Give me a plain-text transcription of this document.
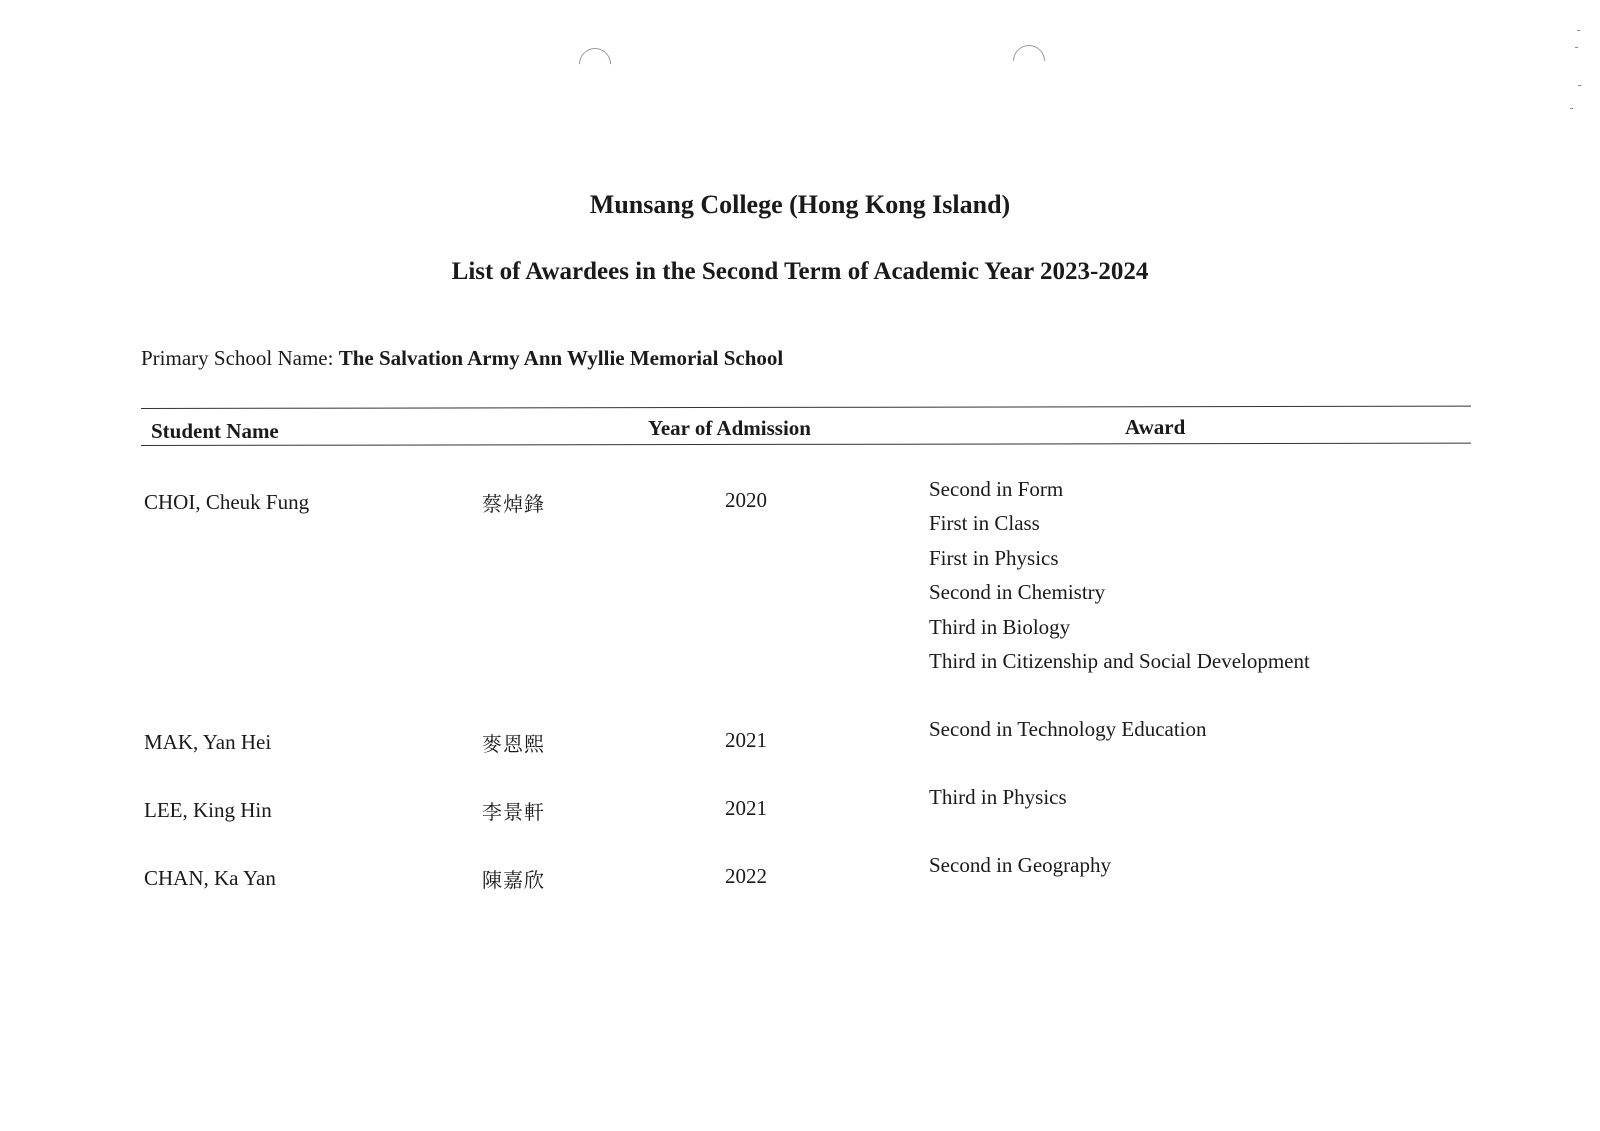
Munsang College (Hong Kong Island)
List of Awardees in the Second Term of Academic Year 2023-2024
Primary School Name: The Salvation Army Ann Wyllie Memorial School
Student Name	Year of Admission	Award
CHOI, Cheuk Fung	蔡焯鋒	2020	Second in Form
First in Class
First in Physics
Second in Chemistry
Third in Biology
Third in Citizenship and Social Development
MAK, Yan Hei	麥恩熙	2021	Second in Technology Education
LEE, King Hin	李景軒	2021	Third in Physics
CHAN, Ka Yan	陳嘉欣	2022	Second in Geography
